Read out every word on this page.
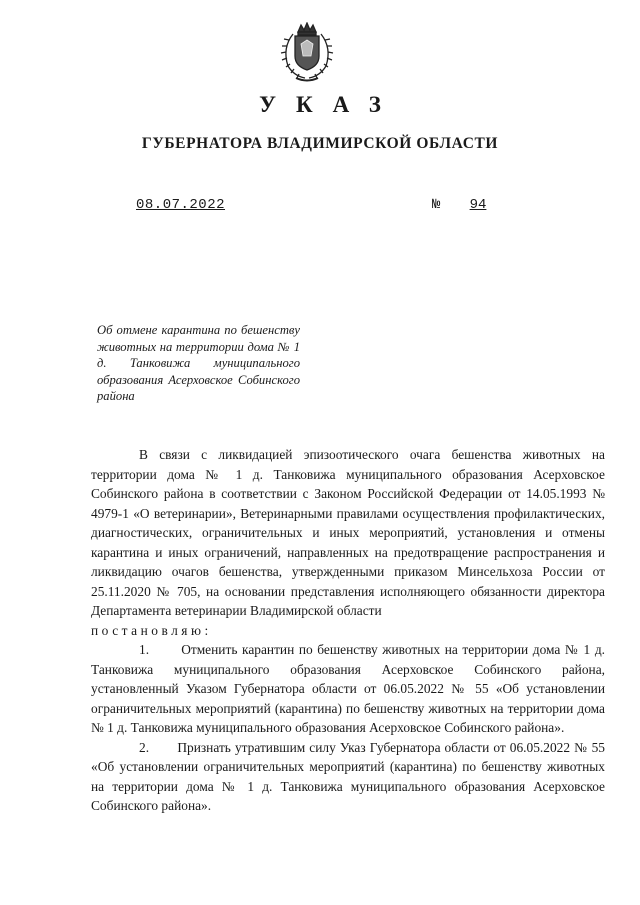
УКАЗ
ГУБЕРНАТОРА ВЛАДИМИРСКОЙ ОБЛАСТИ
08.07.2022	№	94
Об отмене карантина по бешенству животных на территории дома № 1 д. Танковижа муниципального образования Асерховское Собинского района

В связи с ликвидацией эпизоотического очага бешенства животных на территории дома № 1 д. Танковижа муниципального образования Асерховское Собинского района в соответствии с Законом Российской Федерации от 14.05.1993 № 4979-1 «О ветеринарии», Ветеринарными правилами осуществления профилактических, диагностических, ограничительных и иных мероприятий, установления и отмены карантина и иных ограничений, направленных на предотвращение распространения и ликвидацию очагов бешенства, утвержденными приказом Минсельхоза России от 25.11.2020 № 705, на основании представления исполняющего обязанности директора Департамента ветеринарии Владимирской области

постановляю:

1.       Отменить карантин по бешенству животных на территории дома № 1 д. Танковижа муниципального образования Асерховское Собинского района, установленный Указом Губернатора области от 06.05.2022 № 55 «Об установлении ограничительных мероприятий (карантина) по бешенству животных на территории дома № 1 д. Танковижа муниципального образования Асерховское Собинского района».

2.       Признать утратившим силу Указ Губернатора области от 06.05.2022 № 55 «Об установлении ограничительных мероприятий (карантина) по бешенству животных на территории дома № 1 д. Танковижа муниципального образования Асерховское Собинского района».
